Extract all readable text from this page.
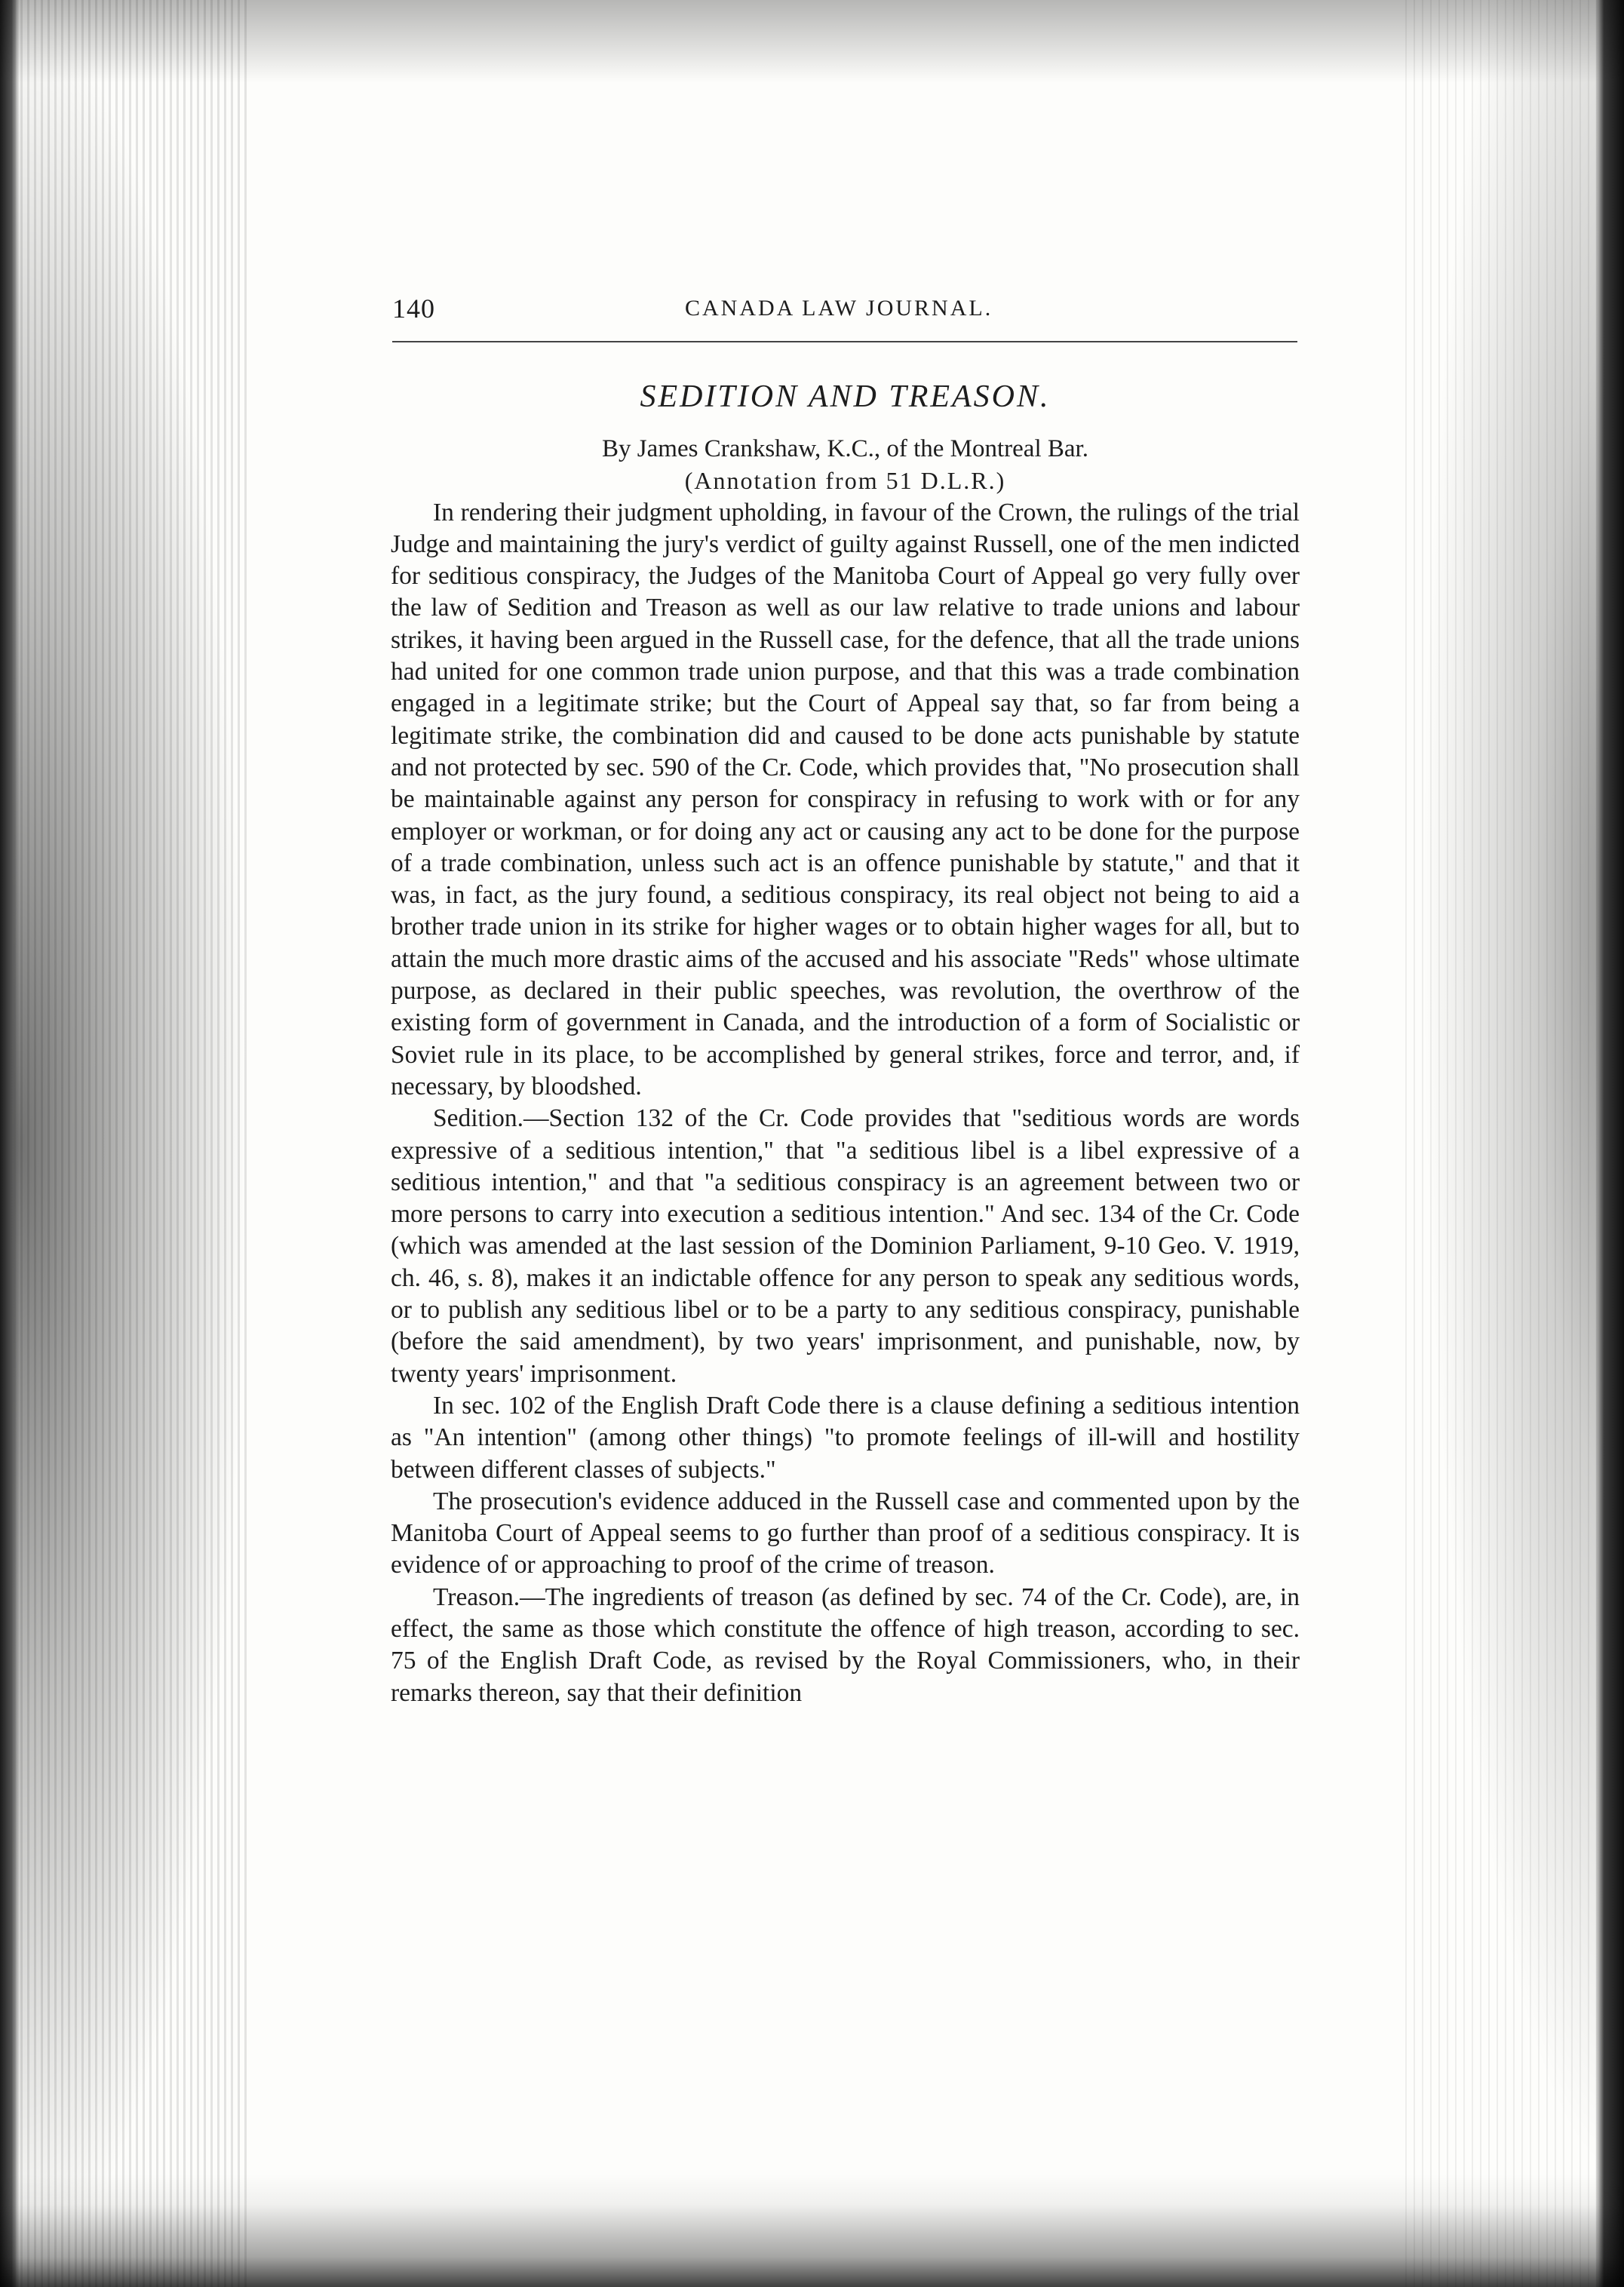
140	CANADA LAW JOURNAL.
SEDITION AND TREASON.
By James Crankshaw, K.C., of the Montreal Bar.
(Annotation from 51 D.L.R.)

In rendering their judgment upholding, in favour of the Crown, the rulings of the trial Judge and maintaining the jury's verdict of guilty against Russell, one of the men indicted for seditious conspiracy, the Judges of the Manitoba Court of Appeal go very fully over the law of Sedition and Treason as well as our law relative to trade unions and labour strikes, it having been argued in the Russell case, for the defence, that all the trade unions had united for one common trade union purpose, and that this was a trade combination engaged in a legitimate strike; but the Court of Appeal say that, so far from being a legitimate strike, the combination did and caused to be done acts punishable by statute and not protected by sec. 590 of the Cr. Code, which provides that, "No prosecution shall be maintainable against any person for conspiracy in refusing to work with or for any employer or workman, or for doing any act or causing any act to be done for the purpose of a trade combination, unless such act is an offence punishable by statute," and that it was, in fact, as the jury found, a seditious conspiracy, its real object not being to aid a brother trade union in its strike for higher wages or to obtain higher wages for all, but to attain the much more drastic aims of the accused and his associate "Reds" whose ultimate purpose, as declared in their public speeches, was revolution, the overthrow of the existing form of government in Canada, and the introduction of a form of Socialistic or Soviet rule in its place, to be accomplished by general strikes, force and terror, and, if necessary, by bloodshed.

Sedition.—Section 132 of the Cr. Code provides that "seditious words are words expressive of a seditious intention," that "a seditious libel is a libel expressive of a seditious intention," and that "a seditious conspiracy is an agreement between two or more persons to carry into execution a seditious intention." And sec. 134 of the Cr. Code (which was amended at the last session of the Dominion Parliament, 9-10 Geo. V. 1919, ch. 46, s. 8), makes it an indictable offence for any person to speak any seditious words, or to publish any seditious libel or to be a party to any seditious conspiracy, punishable (before the said amendment), by two years' imprisonment, and punishable, now, by twenty years' imprisonment.

In sec. 102 of the English Draft Code there is a clause defining a seditious intention as "An intention" (among other things) "to promote feelings of ill-will and hostility between different classes of subjects."

The prosecution's evidence adduced in the Russell case and commented upon by the Manitoba Court of Appeal seems to go further than proof of a seditious conspiracy. It is evidence of or approaching to proof of the crime of treason.

Treason.—The ingredients of treason (as defined by sec. 74 of the Cr. Code), are, in effect, the same as those which constitute the offence of high treason, according to sec. 75 of the English Draft Code, as revised by the Royal Commissioners, who, in their remarks thereon, say that their definition
